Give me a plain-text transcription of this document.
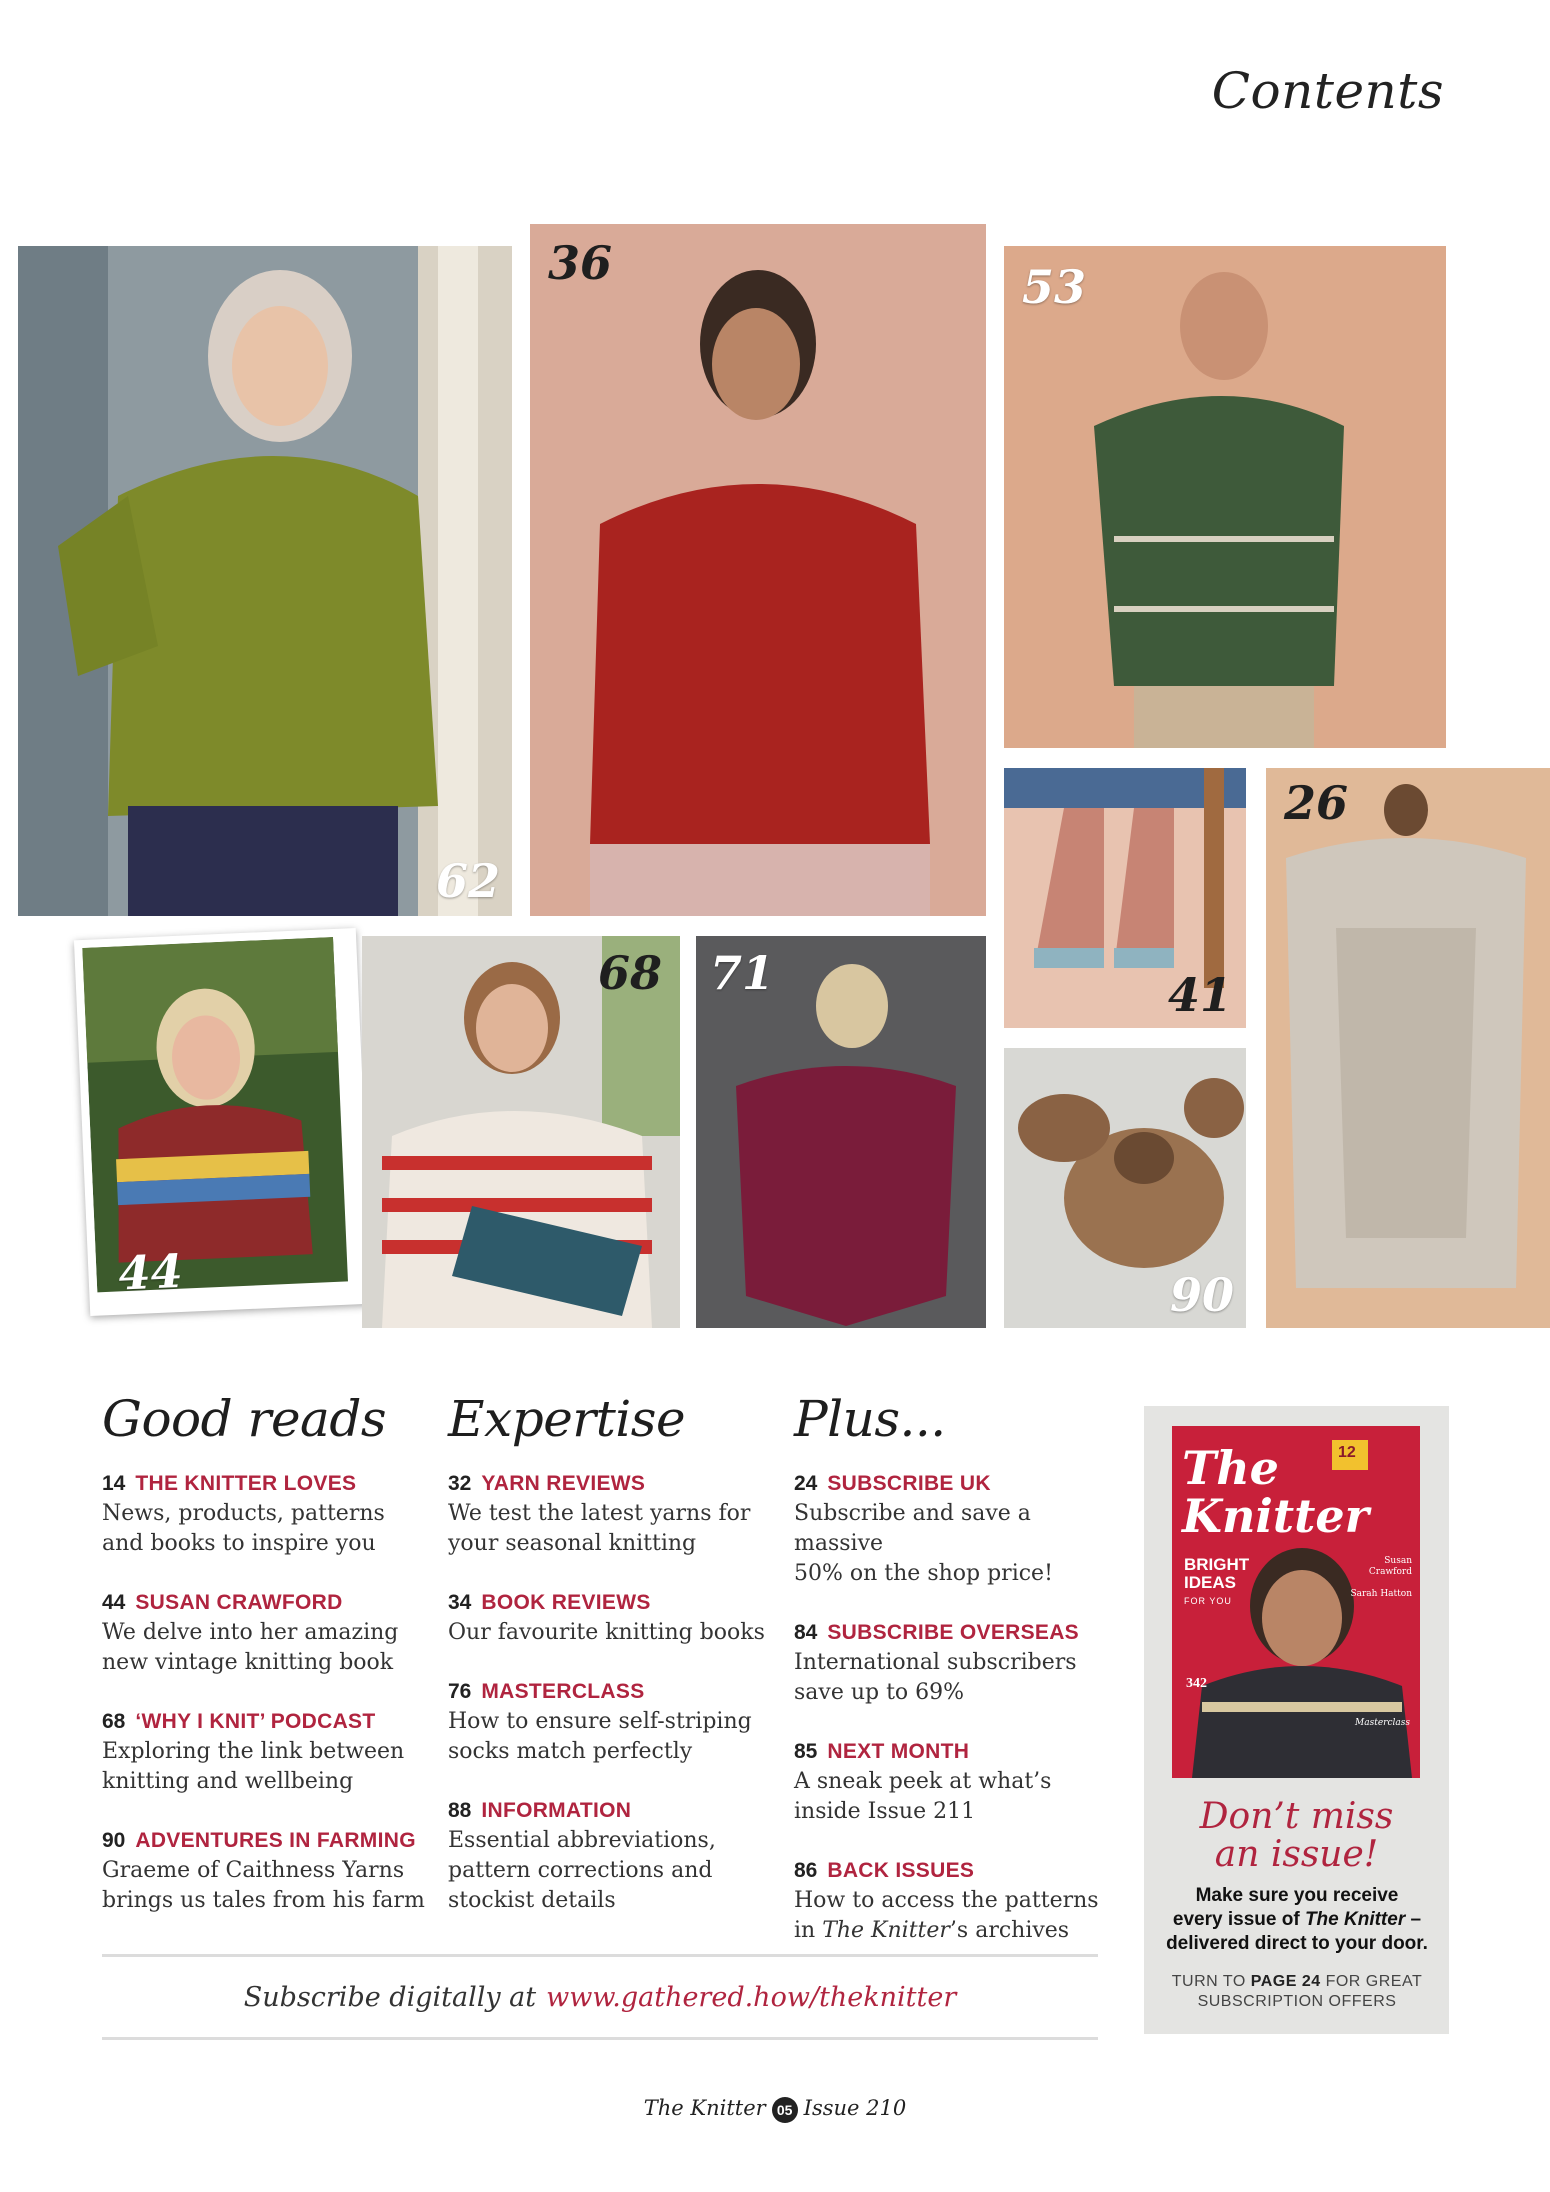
Contents
62
36	53
41
26
44
68 71
90
Good reads
14 THE KNITTER LOVES
News, products, patterns
and books to inspire you
44 SUSAN CRAWFORD
We delve into her amazing
new vintage knitting book
68 ‘WHY I KNIT’ PODCAST
Exploring the link between
knitting and wellbeing
90 ADVENTURES IN FARMING
Graeme of Caithness Yarns
brings us tales from his farm
Expertise
32 YARN REVIEWS
We test the latest yarns for
your seasonal knitting
34 BOOK REVIEWS
Our favourite knitting books
76 MASTERCLASS
How to ensure self-striping
socks match perfectly
88 INFORMATION
Essential abbreviations,
pattern corrections and
stockist details
Plus...
24 SUBSCRIBE UK
Subscribe and save a massive
50% on the shop price!
84 SUBSCRIBE OVERSEAS
International subscribers
save up to 69%
85 NEXT MONTH
A sneak peek at what’s
inside Issue 211
86 BACK ISSUES
How to access the patterns
in The Knitter’s archives
Subscribe digitally at www.gathered.how/theknitter
The Knitter
12
BRIGHT
IDEAS
FOR YOU
Susan
Crawford

Sarah Hatton
342
Masterclass
Don’t miss
an issue!
Make sure you receive
every issue of The Knitter –
delivered direct to your door.
TURN TO PAGE 24 FOR GREAT
SUBSCRIPTION OFFERS
The Knitter 05 Issue 210
